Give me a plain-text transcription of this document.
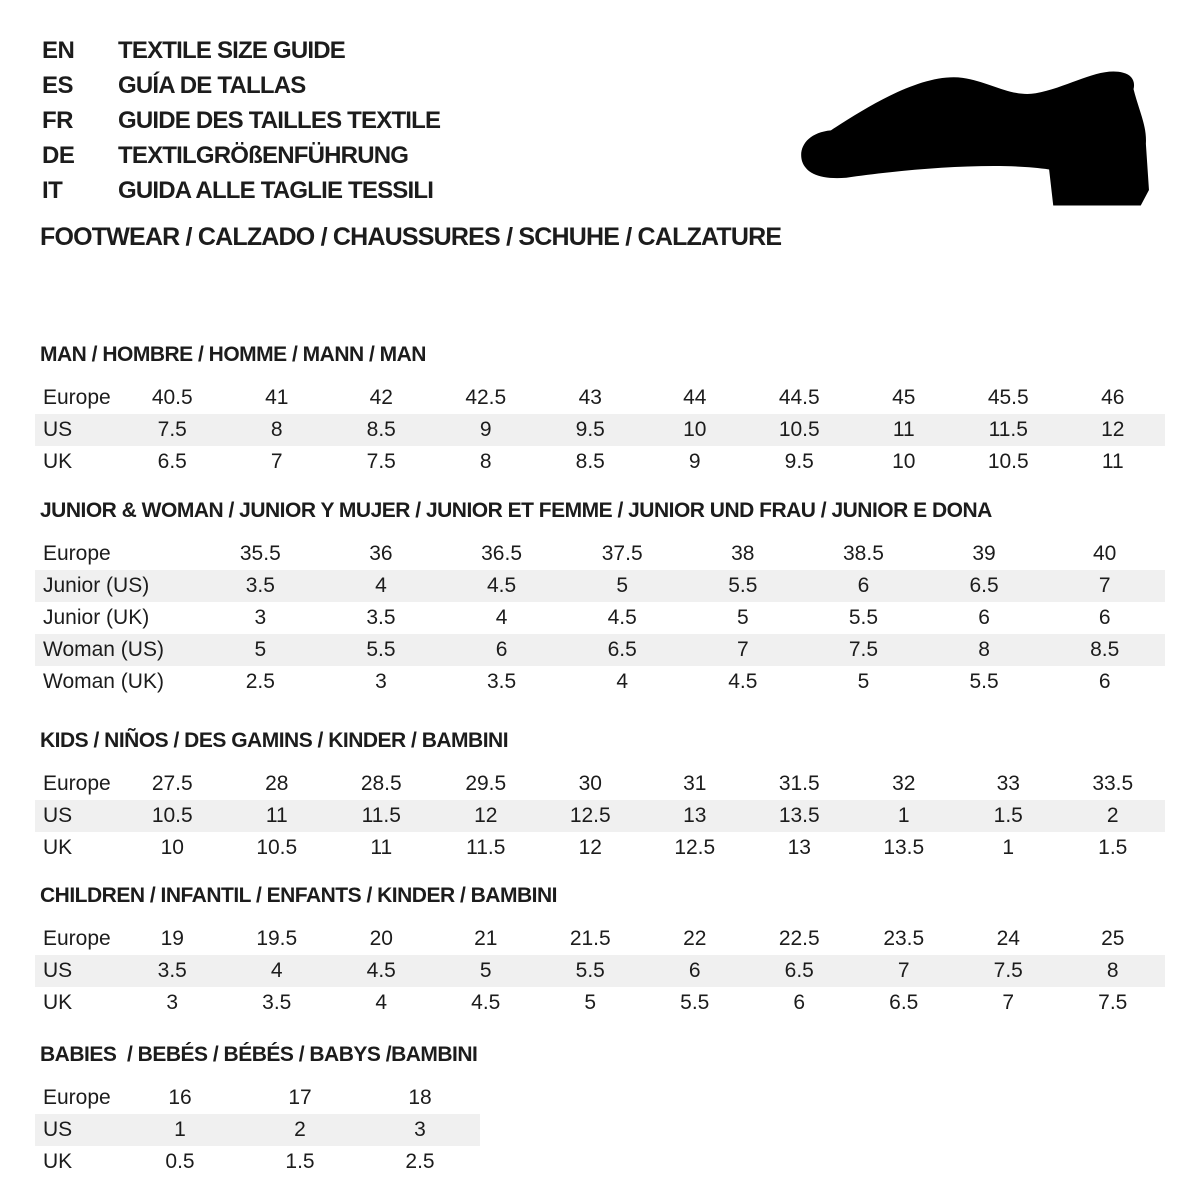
EN	TEXTILE SIZE GUIDE
ES	GUÍA DE TALLAS
FR	GUIDE DES TAILLES TEXTILE
DE	TEXTILGRÖßENFÜHRUNG
IT	GUIDA ALLE TAGLIE TESSILI
FOOTWEAR / CALZADO / CHAUSSURES / SCHUHE / CALZATURE
MAN / HOMBRE / HOMME / MANN / MAN
Europe	40.5	41	42	42.5	43	44	44.5	45	45.5	46
US	7.5	8	8.5	9	9.5	10	10.5	11	11.5	12
UK	6.5	7	7.5	8	8.5	9	9.5	10	10.5	11
JUNIOR & WOMAN / JUNIOR Y MUJER / JUNIOR ET FEMME / JUNIOR UND FRAU / JUNIOR E DONA
Europe	35.5	36	36.5	37.5	38	38.5	39	40
Junior (US)	3.5	4	4.5	5	5.5	6	6.5	7
Junior (UK)	3	3.5	4	4.5	5	5.5	6	6
Woman (US)	5	5.5	6	6.5	7	7.5	8	8.5
Woman (UK)	2.5	3	3.5	4	4.5	5	5.5	6
KIDS / NIÑOS / DES GAMINS / KINDER / BAMBINI
Europe	27.5	28	28.5	29.5	30	31	31.5	32	33	33.5
US	10.5	11	11.5	12	12.5	13	13.5	1	1.5	2
UK	10	10.5	11	11.5	12	12.5	13	13.5	1	1.5
CHILDREN / INFANTIL / ENFANTS / KINDER / BAMBINI
Europe	19	19.5	20	21	21.5	22	22.5	23.5	24	25
US	3.5	4	4.5	5	5.5	6	6.5	7	7.5	8
UK	3	3.5	4	4.5	5	5.5	6	6.5	7	7.5
BABIES  / BEBÉS / BÉBÉS / BABYS /BAMBINI
Europe	16	17	18
US	1	2	3
UK	0.5	1.5	2.5
